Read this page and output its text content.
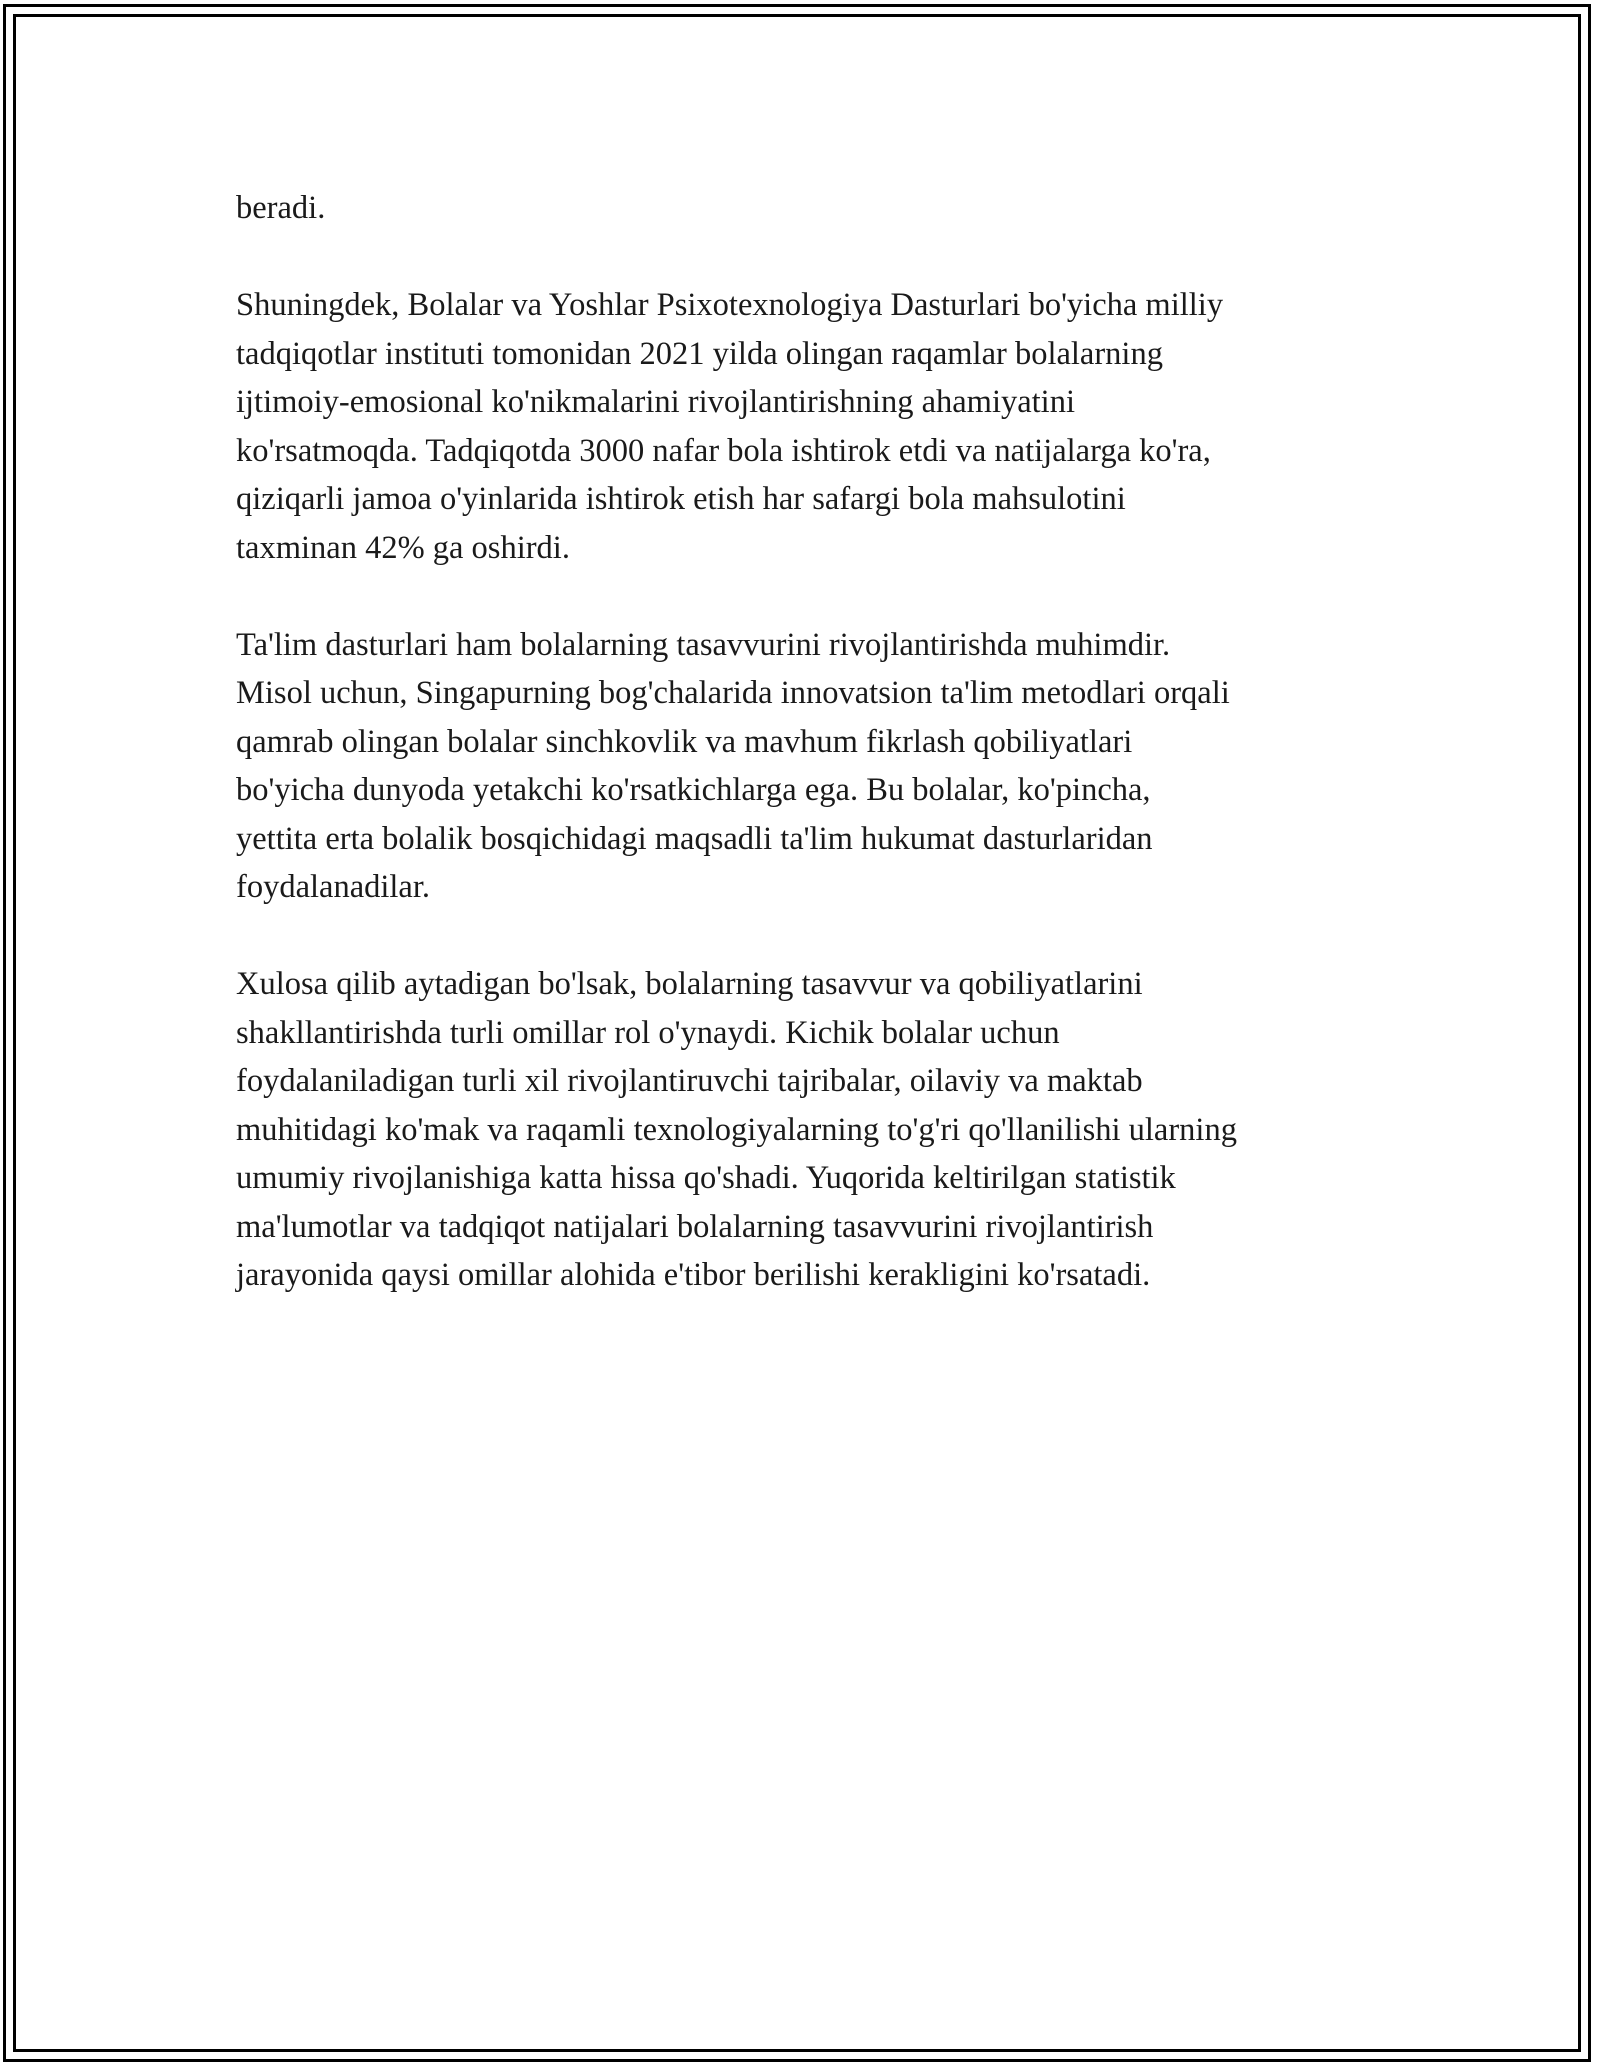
beradi.

Shuningdek, Bolalar va Yoshlar Psixotexnologiya Dasturlari bo'yicha milliy
tadqiqotlar instituti tomonidan 2021 yilda olingan raqamlar bolalarning
ijtimoiy-emosional ko'nikmalarini rivojlantirishning ahamiyatini
ko'rsatmoqda. Tadqiqotda 3000 nafar bola ishtirok etdi va natijalarga ko'ra,
qiziqarli jamoa o'yinlarida ishtirok etish har safargi bola mahsulotini
taxminan 42% ga oshirdi.

Ta'lim dasturlari ham bolalarning tasavvurini rivojlantirishda muhimdir.
Misol uchun, Singapurning bog'chalarida innovatsion ta'lim metodlari orqali
qamrab olingan bolalar sinchkovlik va mavhum fikrlash qobiliyatlari
bo'yicha dunyoda yetakchi ko'rsatkichlarga ega. Bu bolalar, ko'pincha,
yettita erta bolalik bosqichidagi maqsadli ta'lim hukumat dasturlaridan
foydalanadilar.

Xulosa qilib aytadigan bo'lsak, bolalarning tasavvur va qobiliyatlarini
shakllantirishda turli omillar rol o'ynaydi. Kichik bolalar uchun
foydalaniladigan turli xil rivojlantiruvchi tajribalar, oilaviy va maktab
muhitidagi ko'mak va raqamli texnologiyalarning to'g'ri qo'llanilishi ularning
umumiy rivojlanishiga katta hissa qo'shadi. Yuqorida keltirilgan statistik
ma'lumotlar va tadqiqot natijalari bolalarning tasavvurini rivojlantirish
jarayonida qaysi omillar alohida e'tibor berilishi kerakligini ko'rsatadi.
